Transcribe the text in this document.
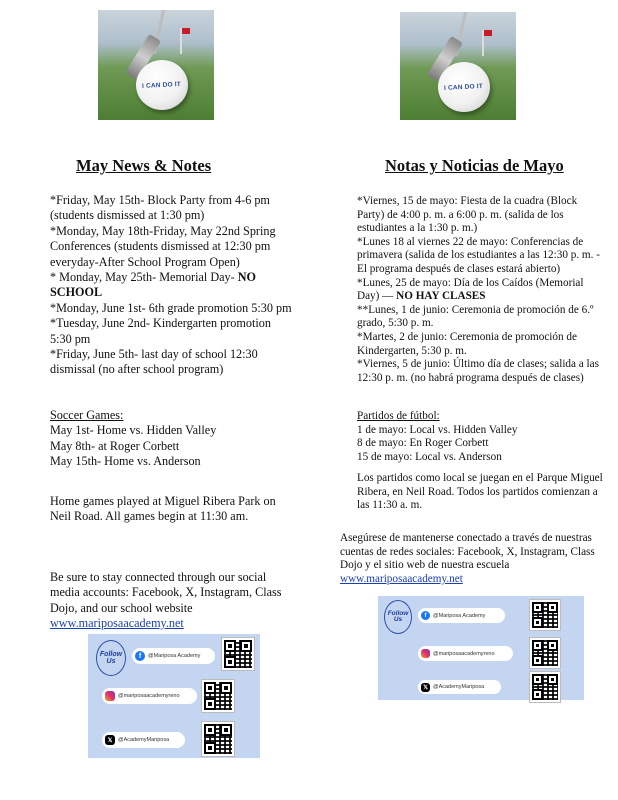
I CAN DO IT
May News & Notes

*Friday, May 15th- Block Party from 4-6 pm (students dismissed at 1:30 pm)

*Monday, May 18th-Friday, May 22nd Spring Conferences (students dismissed at 12:30 pm everyday-After School Program Open)

* Monday, May 25th- Memorial Day- NO SCHOOL

*Monday, June 1st- 6th grade promotion 5:30 pm

*Tuesday, June 2nd- Kindergarten promotion 5:30 pm

*Friday, June 5th- last day of school 12:30 dismissal (no after school program)

Soccer Games:

May 1st- Home vs. Hidden Valley

May 8th- at Roger Corbett

May 15th- Home vs. Anderson

Home games played at Miguel Ribera Park on Neil Road. All games begin at 11:30 am.

Be sure to stay connected through our social media accounts: Facebook, X, Instagram, Class Dojo, and our school website www.mariposaacademy.net

Follow
Us
f	@Mariposa Academy
@mariposaacademyreno
𝕏	@AcademyMariposa
I CAN DO IT
Notas y Noticias de Mayo

*Viernes, 15 de mayo: Fiesta de la cuadra (Block Party) de 4:00 p. m. a 6:00 p. m. (salida de los estudiantes a la 1:30 p. m.)

*Lunes 18 al viernes 22 de mayo: Conferencias de primavera (salida de los estudiantes a las 12:30 p. m. - El programa después de clases estará abierto)

*Lunes, 25 de mayo: Día de los Caídos (Memorial Day) — NO HAY CLASES

**Lunes, 1 de junio: Ceremonia de promoción de 6.º grado, 5:30 p. m.

*Martes, 2 de junio: Ceremonia de promoción de Kindergarten, 5:30 p. m.

*Viernes, 5 de junio: Último día de clases; salida a las 12:30 p. m. (no habrá programa después de clases)

Partidos de fútbol:

1 de mayo: Local vs. Hidden Valley

8 de mayo: En Roger Corbett

15 de mayo: Local vs. Anderson

Los partidos como local se juegan en el Parque Miguel Ribera, en Neil Road. Todos los partidos comienzan a las 11:30 a. m.

Asegúrese de mantenerse conectado a través de nuestras cuentas de redes sociales: Facebook, X, Instagram, Class Dojo y el sitio web de nuestra escuela www.mariposaacademy.net

Follow
Us
f	@Mariposa Academy
@mariposaacademyreno
𝕏 @AcademyMariposa
